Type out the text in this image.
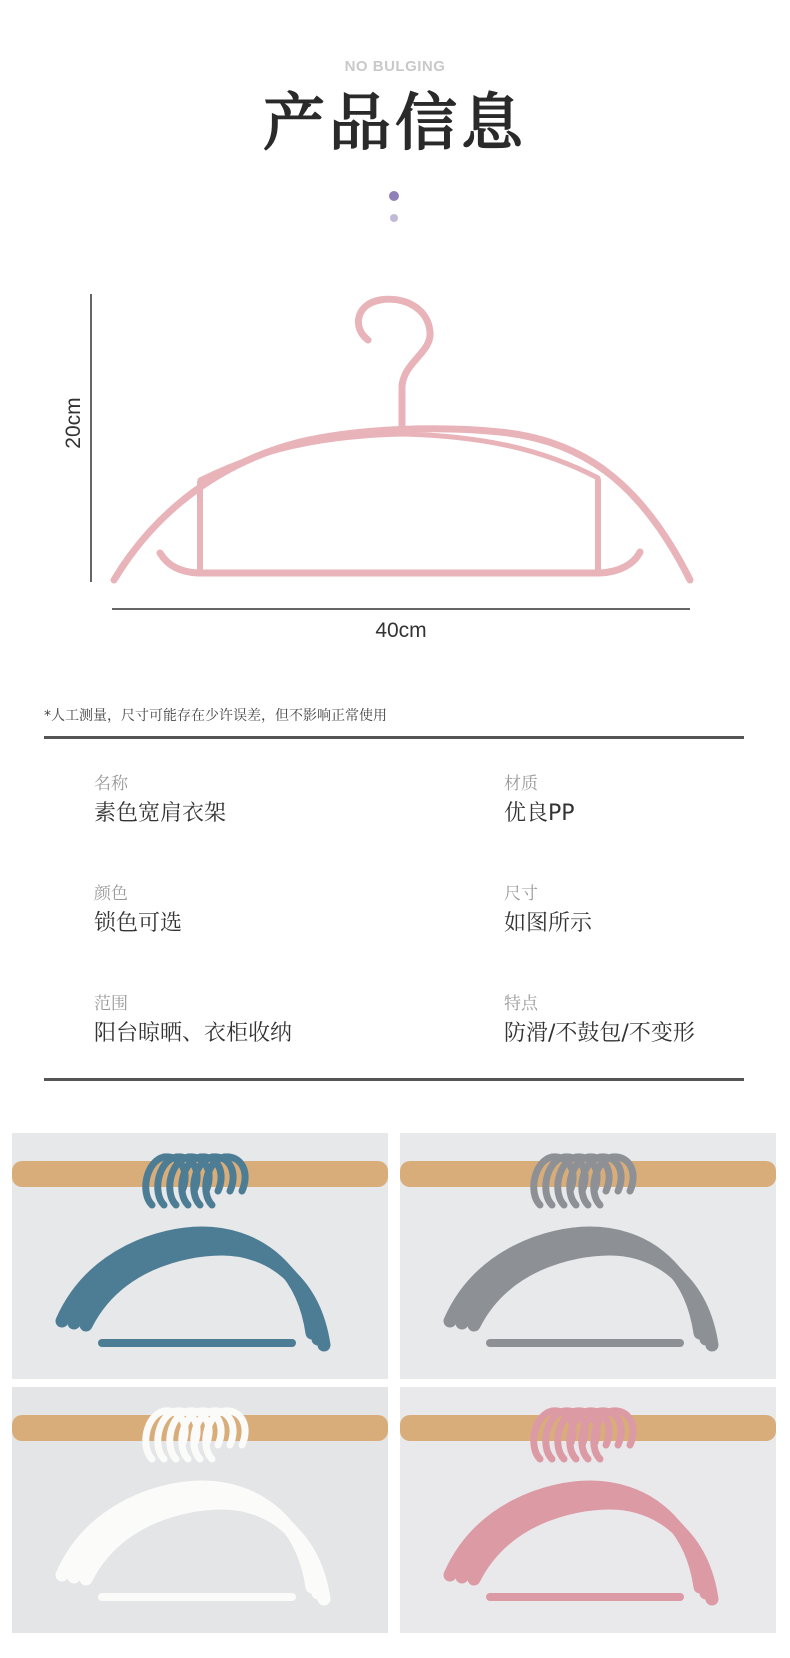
NO BULGING
产品信息
20cm
40cm
*人工测量，尺寸可能存在少许误差，但不影响正常使用
名称
素色宽肩衣架
材质
优良PP
颜色
锁色可选
尺寸
如图所示
范围
阳台晾晒、衣柜收纳
特点
防滑/不鼓包/不变形
